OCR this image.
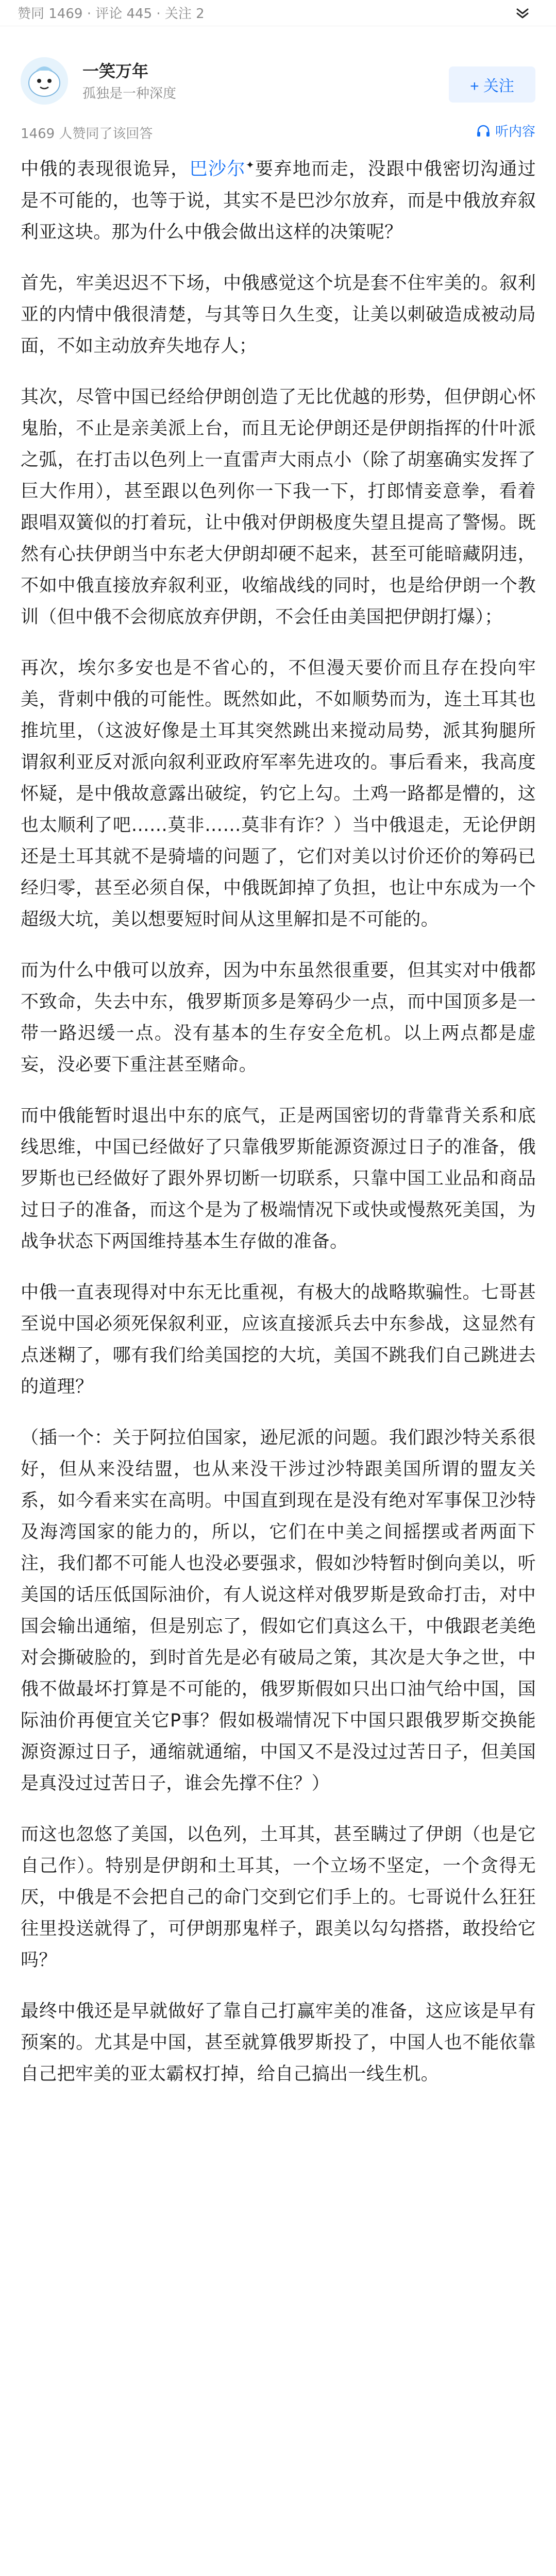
赞同 1469 · 评论 445 · 关注 2
一笑万年
孤独是一种深度	+ 关注
1469 人赞同了该回答	听内容

中俄的表现很诡异，巴沙尔✦要弃地而走，没跟中俄密切沟通过是不可能的，也等于说，其实不是巴沙尔放弃，而是中俄放弃叙利亚这块。那为什么中俄会做出这样的决策呢？

首先，牢美迟迟不下场，中俄感觉这个坑是套不住牢美的。叙利亚的内情中俄很清楚，与其等日久生变，让美以刺破造成被动局面，不如主动放弃失地存人；

其次，尽管中国已经给伊朗创造了无比优越的形势，但伊朗心怀鬼胎，不止是亲美派上台，而且无论伊朗还是伊朗指挥的什叶派之弧，在打击以色列上一直雷声大雨点小（除了胡塞确实发挥了巨大作用），甚至跟以色列你一下我一下，打郎情妾意拳，看着跟唱双簧似的打着玩，让中俄对伊朗极度失望且提高了警惕。既然有心扶伊朗当中东老大伊朗却硬不起来，甚至可能暗藏阴违，不如中俄直接放弃叙利亚，收缩战线的同时，也是给伊朗一个教训（但中俄不会彻底放弃伊朗，不会任由美国把伊朗打爆）；

再次，埃尔多安也是不省心的，不但漫天要价而且存在投向牢美，背刺中俄的可能性。既然如此，不如顺势而为，连土耳其也推坑里，（这波好像是土耳其突然跳出来搅动局势，派其狗腿所谓叙利亚反对派向叙利亚政府军率先进攻的。事后看来，我高度怀疑，是中俄故意露出破绽，钓它上勾。土鸡一路都是懵的，这也太顺利了吧……莫非……莫非有诈？）当中俄退走，无论伊朗还是土耳其就不是骑墙的问题了，它们对美以讨价还价的筹码已经归零，甚至必须自保，中俄既卸掉了负担，也让中东成为一个超级大坑，美以想要短时间从这里解扣是不可能的。

而为什么中俄可以放弃，因为中东虽然很重要，但其实对中俄都不致命，失去中东，俄罗斯顶多是筹码少一点，而中国顶多是一带一路迟缓一点。没有基本的生存安全危机。以上两点都是虚妄，没必要下重注甚至赌命。

而中俄能暂时退出中东的底气，正是两国密切的背靠背关系和底线思维，中国已经做好了只靠俄罗斯能源资源过日子的准备，俄罗斯也已经做好了跟外界切断一切联系，只靠中国工业品和商品过日子的准备，而这个是为了极端情况下或快或慢熬死美国，为战争状态下两国维持基本生存做的准备。

中俄一直表现得对中东无比重视，有极大的战略欺骗性。七哥甚至说中国必须死保叙利亚，应该直接派兵去中东参战，这显然有点迷糊了，哪有我们给美国挖的大坑，美国不跳我们自己跳进去的道理？

（插一个：关于阿拉伯国家，逊尼派的问题。我们跟沙特关系很好，但从来没结盟，也从来没干涉过沙特跟美国所谓的盟友关系，如今看来实在高明。中国直到现在是没有绝对军事保卫沙特及海湾国家的能力的，所以，它们在中美之间摇摆或者两面下注，我们都不可能人也没必要强求，假如沙特暂时倒向美以，听美国的话压低国际油价，有人说这样对俄罗斯是致命打击，对中国会输出通缩，但是别忘了，假如它们真这么干，中俄跟老美绝对会撕破脸的，到时首先是必有破局之策，其次是大争之世，中俄不做最坏打算是不可能的，俄罗斯假如只出口油气给中国，国际油价再便宜关它P事？假如极端情况下中国只跟俄罗斯交换能源资源过日子，通缩就通缩，中国又不是没过过苦日子，但美国是真没过过苦日子，谁会先撑不住？）

而这也忽悠了美国，以色列，土耳其，甚至瞒过了伊朗（也是它自己作）。特别是伊朗和土耳其，一个立场不坚定，一个贪得无厌，中俄是不会把自己的命门交到它们手上的。七哥说什么狂狂往里投送就得了，可伊朗那鬼样子，跟美以勾勾搭搭，敢投给它吗？

最终中俄还是早就做好了靠自己打赢牢美的准备，这应该是早有预案的。尤其是中国，甚至就算俄罗斯投了，中国人也不能依靠自己把牢美的亚太霸权打掉，给自己搞出一线生机。
